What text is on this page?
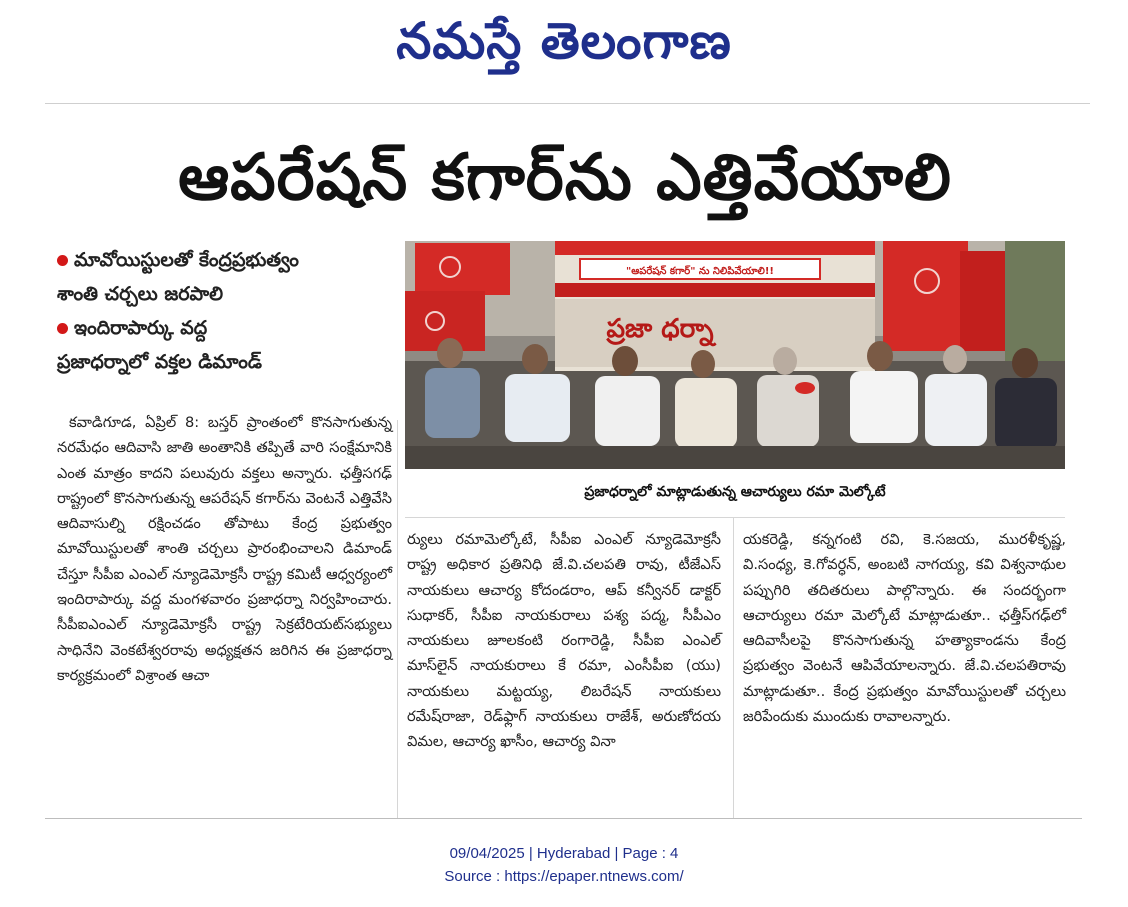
నమస్తే తెలంగాణ
ఆపరేషన్ కగార్‌ను ఎత్తివేయాలి
మావోయిస్టులతో కేంద్రప్రభుత్వం
శాంతి చర్చలు జరపాలి
ఇందిరాపార్కు వద్ద
ప్రజాధర్నాలో వక్తల డిమాండ్
కవాడిగూడ, ఏప్రిల్ 8: బస్తర్ ప్రాంతంలో కొనసాగుతున్న నరమేధం ఆదివాసి జాతి అంతానికి తప్పితే వారి సంక్షేమానికి ఎంత మాత్రం కాదని పలువురు వక్తలు అన్నారు. ఛత్తీసగఢ్ రాష్ట్రంలో కొనసాగుతున్న ఆపరేషన్ కగార్‌ను వెంటనే ఎత్తివేసి ఆదివాసుల్ని రక్షించడం తోపాటు కేంద్ర ప్రభుత్వం మావోయిస్టులతో శాంతి చర్చలు ప్రారంభించాలని డిమాండ్ చేస్తూ సీపీఐ ఎంఎల్ న్యూడెమోక్రసీ రాష్ట్ర కమిటీ ఆధ్వర్యంలో ఇందిరాపార్కు వద్ద మంగళవారం ప్రజాధర్నా నిర్వహించారు. సీపీఐఎంఎల్ న్యూడెమోక్రసీ రాష్ట్ర సెక్రటేరియట్‌సభ్యులు సాధినేని వెంకటేశ్వరరావు అధ్యక్షతన జరిగిన ఈ ప్రజాధర్నా కార్యక్రమంలో విశ్రాంత ఆచా
"ఆపరేషన్ కగార్" ను నిలిపివేయాలి!!
ప్రజా ధర్నా
ప్రజాధర్నాలో మాట్లాడుతున్న ఆచార్యులు రమా మెల్కోటే
ర్యులు రమామెల్కోటే, సీపీఐ ఎంఎల్ న్యూడెమోక్రసీ రాష్ట్ర అధికార ప్రతినిధి జే.వి.చలపతి రావు, టీజేఎస్ నాయకులు ఆచార్య కోదండరాం, ఆప్ కన్వీనర్ డాక్టర్ సుధాకర్, సీపీఐ నాయకురాలు పశ్య పద్మ, సీపీఎం నాయకులు జూలకంటి రంగారెడ్డి, సీపీఐ ఎంఎల్ మాస్‌లైన్ నాయకురాలు కే రమా, ఎంసీపీఐ (యు) నాయకులు మట్టయ్య, లిబరేషన్ నాయకులు రమేష్‌రాజా, రెడ్‌ఫ్లాగ్ నాయకులు రాజేశ్, అరుణోదయ విమల, ఆచార్య ఖాసీం, ఆచార్య వినా
యకరెడ్డి, కన్నగంటి రవి, కె.సజయ, మురళీకృష్ణ, వి.సంధ్య, కె.గోవర్ధన్, అంబటి నాగయ్య, కవి విశ్వనాథుల పప్పుగిరి తదితరులు పాల్గొన్నారు. ఈ సందర్భంగా ఆచార్యులు రమా మెల్కోటే మాట్లాడుతూ.. ఛత్తీస్‌గఢ్‌లో ఆదివాసీలపై కొనసాగుతున్న హత్యాకాండను కేంద్ర ప్రభుత్వం వెంటనే ఆపివేయాలన్నారు. జే.వి.చలపతిరావు మాట్లాడుతూ.. కేంద్ర ప్రభుత్వం మావోయిస్టులతో చర్చలు జరిపేందుకు ముందుకు రావాలన్నారు.
09/04/2025 | Hyderabad | Page : 4
Source : https://epaper.ntnews.com/
